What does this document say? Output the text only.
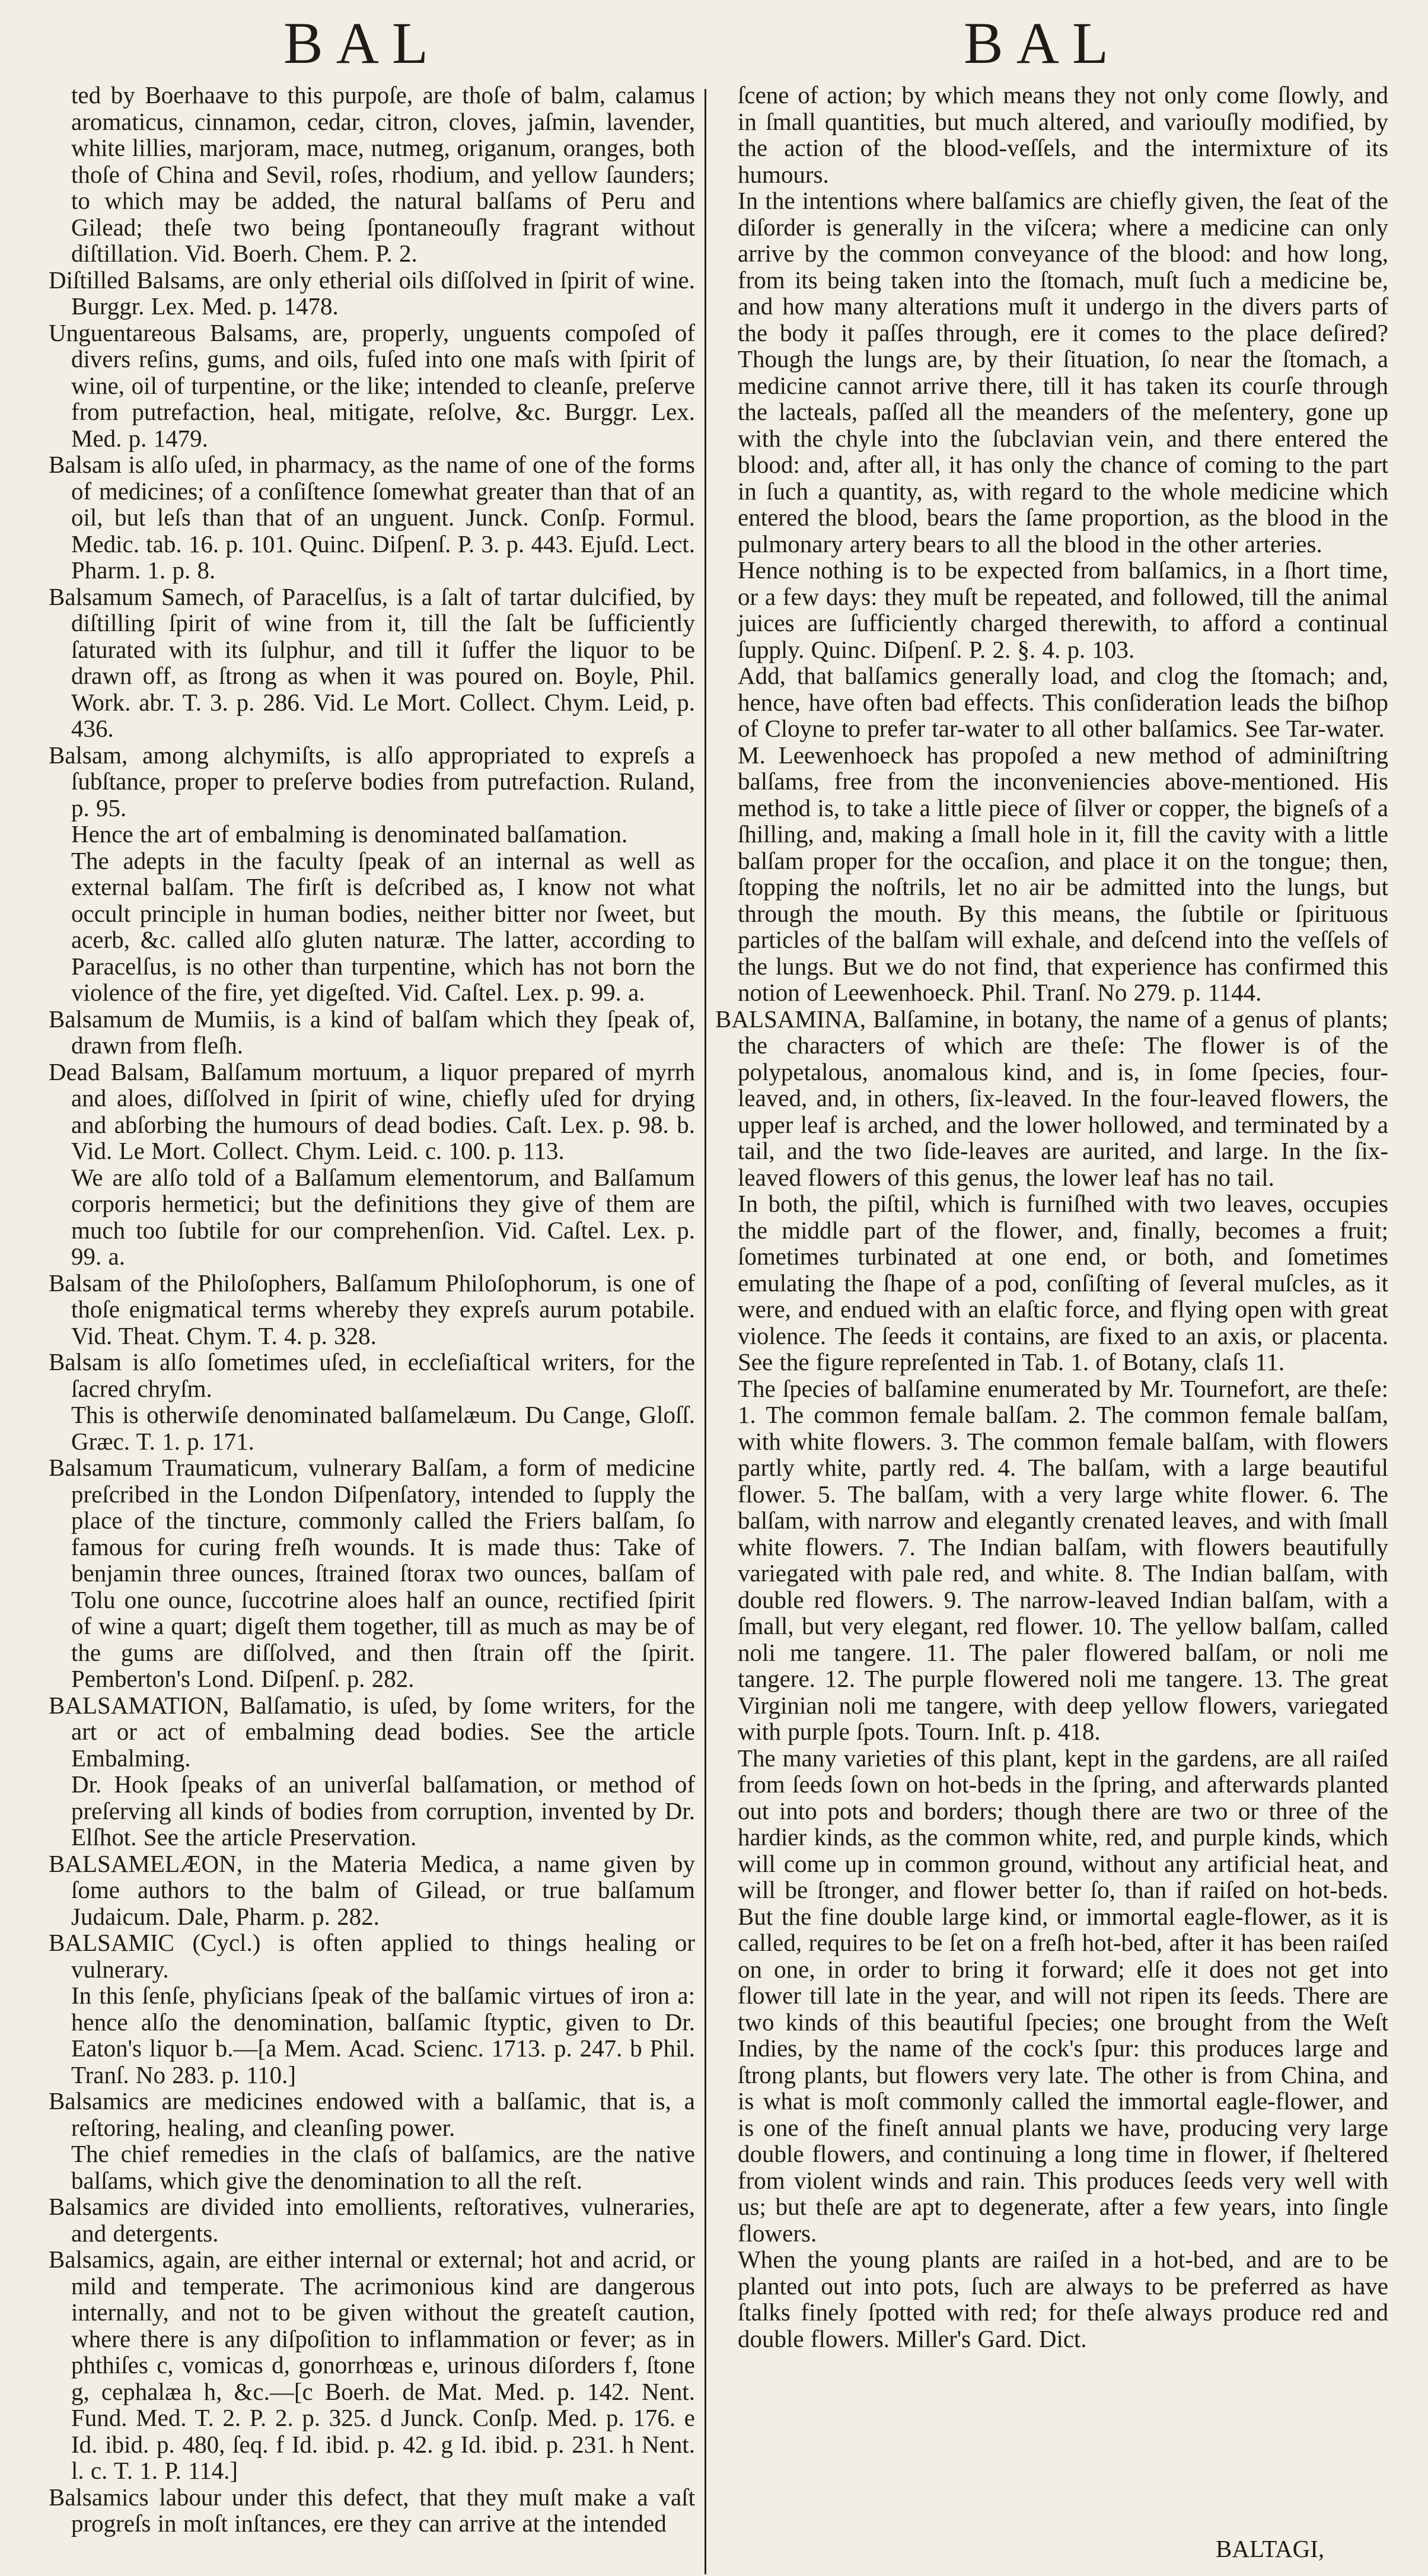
BAL	BAL

ted by Boerhaave to this purpoſe, are thoſe of balm, calamus aromaticus, cinnamon, cedar, citron, cloves, jaſmin, lavender, white lillies, marjoram, mace, nutmeg, origanum, oranges, both thoſe of China and Sevil, roſes, rhodium, and yellow ſaunders; to which may be added, the natural balſams of Peru and Gilead; theſe two being ſpontaneouſly fragrant without diſtillation. Vid. Boerh. Chem. P. 2.

Diſtilled Balsams, are only etherial oils diſſolved in ſpirit of wine. Burggr. Lex. Med. p. 1478.

Unguentareous Balsams, are, properly, unguents compoſed of divers reſins, gums, and oils, fuſed into one maſs with ſpirit of wine, oil of turpentine, or the like; intended to cleanſe, preſerve from putrefaction, heal, mitigate, reſolve, &c. Burggr. Lex. Med. p. 1479.

Balsam is alſo uſed, in pharmacy, as the name of one of the forms of medicines; of a conſiſtence ſomewhat greater than that of an oil, but leſs than that of an unguent. Junck. Conſp. Formul. Medic. tab. 16. p. 101. Quinc. Diſpenſ. P. 3. p. 443. Ejuſd. Lect. Pharm. 1. p. 8.

Balsamum Samech, of Paracelſus, is a ſalt of tartar dulcified, by diſtilling ſpirit of wine from it, till the ſalt be ſufficiently ſaturated with its ſulphur, and till it ſuffer the liquor to be drawn off, as ſtrong as when it was poured on. Boyle, Phil. Work. abr. T. 3. p. 286. Vid. Le Mort. Collect. Chym. Leid, p. 436.

Balsam, among alchymiſts, is alſo appropriated to expreſs a ſubſtance, proper to preſerve bodies from putrefaction. Ruland, p. 95.

Hence the art of embalming is denominated balſamation.

The adepts in the faculty ſpeak of an internal as well as external balſam. The firſt is deſcribed as, I know not what occult principle in human bodies, neither bitter nor ſweet, but acerb, &c. called alſo gluten naturæ. The latter, according to Paracelſus, is no other than turpentine, which has not born the violence of the fire, yet digeſted. Vid. Caſtel. Lex. p. 99. a.

Balsamum de Mumiis, is a kind of balſam which they ſpeak of, drawn from fleſh.

Dead Balsam, Balſamum mortuum, a liquor prepared of myrrh and aloes, diſſolved in ſpirit of wine, chiefly uſed for drying and abſorbing the humours of dead bodies. Caſt. Lex. p. 98. b. Vid. Le Mort. Collect. Chym. Leid. c. 100. p. 113.

We are alſo told of a Balſamum elementorum, and Balſamum corporis hermetici; but the definitions they give of them are much too ſubtile for our comprehenſion. Vid. Caſtel. Lex. p. 99. a.

Balsam of the Philoſophers, Balſamum Philoſophorum, is one of thoſe enigmatical terms whereby they expreſs aurum potabile. Vid. Theat. Chym. T. 4. p. 328.

Balsam is alſo ſometimes uſed, in eccleſiaſtical writers, for the ſacred chryſm.

This is otherwiſe denominated balſamelæum. Du Cange, Gloſſ. Græc. T. 1. p. 171.

Balsamum Traumaticum, vulnerary Balſam, a form of medicine preſcribed in the London Diſpenſatory, intended to ſupply the place of the tincture, commonly called the Friers balſam, ſo famous for curing freſh wounds. It is made thus: Take of benjamin three ounces, ſtrained ſtorax two ounces, balſam of Tolu one ounce, ſuccotrine aloes half an ounce, rectified ſpirit of wine a quart; digeſt them together, till as much as may be of the gums are diſſolved, and then ſtrain off the ſpirit. Pemberton's Lond. Diſpenſ. p. 282.

BALSAMATION, Balſamatio, is uſed, by ſome writers, for the art or act of embalming dead bodies. See the article Embalming.

Dr. Hook ſpeaks of an univerſal balſamation, or method of preſerving all kinds of bodies from corruption, invented by Dr. Elſhot. See the article Preservation.

BALSAMELÆON, in the Materia Medica, a name given by ſome authors to the balm of Gilead, or true balſamum Judaicum. Dale, Pharm. p. 282.

BALSAMIC (Cycl.) is often applied to things healing or vulnerary.

In this ſenſe, phyſicians ſpeak of the balſamic virtues of iron a: hence alſo the denomination, balſamic ſtyptic, given to Dr. Eaton's liquor b.—[a Mem. Acad. Scienc. 1713. p. 247. b Phil. Tranſ. No 283. p. 110.]

Balsamics are medicines endowed with a balſamic, that is, a reſtoring, healing, and cleanſing power.

The chief remedies in the claſs of balſamics, are the native balſams, which give the denomination to all the reſt.

Balsamics are divided into emollients, reſtoratives, vulneraries, and detergents.

Balsamics, again, are either internal or external; hot and acrid, or mild and temperate. The acrimonious kind are dangerous internally, and not to be given without the greateſt caution, where there is any diſpoſition to inflammation or fever; as in phthiſes c, vomicas d, gonorrhœas e, urinous diſorders f, ſtone g, cephalæa h, &c.—[c Boerh. de Mat. Med. p. 142. Nent. Fund. Med. T. 2. P. 2. p. 325. d Junck. Conſp. Med. p. 176. e Id. ibid. p. 480, ſeq. f Id. ibid. p. 42. g Id. ibid. p. 231. h Nent. l. c. T. 1. P. 114.]

Balsamics labour under this defect, that they muſt make a vaſt progreſs in moſt inſtances, ere they can arrive at the intended

ſcene of action; by which means they not only come ſlowly, and in ſmall quantities, but much altered, and variouſly modified, by the action of the blood-veſſels, and the intermixture of its humours.

In the intentions where balſamics are chiefly given, the ſeat of the diſorder is generally in the viſcera; where a medicine can only arrive by the common conveyance of the blood: and how long, from its being taken into the ſtomach, muſt ſuch a medicine be, and how many alterations muſt it undergo in the divers parts of the body it paſſes through, ere it comes to the place deſired? Though the lungs are, by their ſituation, ſo near the ſtomach, a medicine cannot arrive there, till it has taken its courſe through the lacteals, paſſed all the meanders of the meſentery, gone up with the chyle into the ſubclavian vein, and there entered the blood: and, after all, it has only the chance of coming to the part in ſuch a quantity, as, with regard to the whole medicine which entered the blood, bears the ſame proportion, as the blood in the pulmonary artery bears to all the blood in the other arteries.

Hence nothing is to be expected from balſamics, in a ſhort time, or a few days: they muſt be repeated, and followed, till the animal juices are ſufficiently charged therewith, to afford a continual ſupply. Quinc. Diſpenſ. P. 2. §. 4. p. 103.

Add, that balſamics generally load, and clog the ſtomach; and, hence, have often bad effects. This conſideration leads the biſhop of Cloyne to prefer tar-water to all other balſamics. See Tar-water.

M. Leewenhoeck has propoſed a new method of adminiſtring balſams, free from the inconveniencies above-mentioned. His method is, to take a little piece of ſilver or copper, the bigneſs of a ſhilling, and, making a ſmall hole in it, fill the cavity with a little balſam proper for the occaſion, and place it on the tongue; then, ſtopping the noſtrils, let no air be admitted into the lungs, but through the mouth. By this means, the ſubtile or ſpirituous particles of the balſam will exhale, and deſcend into the veſſels of the lungs. But we do not find, that experience has confirmed this notion of Leewenhoeck. Phil. Tranſ. No 279. p. 1144.

BALSAMINA, Balſamine, in botany, the name of a genus of plants; the characters of which are theſe: The flower is of the polypetalous, anomalous kind, and is, in ſome ſpecies, four-leaved, and, in others, ſix-leaved. In the four-leaved flowers, the upper leaf is arched, and the lower hollowed, and terminated by a tail, and the two ſide-leaves are aurited, and large. In the ſix-leaved flowers of this genus, the lower leaf has no tail.

In both, the piſtil, which is furniſhed with two leaves, occupies the middle part of the flower, and, finally, becomes a fruit; ſometimes turbinated at one end, or both, and ſometimes emulating the ſhape of a pod, conſiſting of ſeveral muſcles, as it were, and endued with an elaſtic force, and flying open with great violence. The ſeeds it contains, are fixed to an axis, or placenta. See the figure repreſented in Tab. 1. of Botany, claſs 11.

The ſpecies of balſamine enumerated by Mr. Tournefort, are theſe: 1. The common female balſam. 2. The common female balſam, with white flowers. 3. The common female balſam, with flowers partly white, partly red. 4. The balſam, with a large beautiful flower. 5. The balſam, with a very large white flower. 6. The balſam, with narrow and elegantly crenated leaves, and with ſmall white flowers. 7. The Indian balſam, with flowers beautifully variegated with pale red, and white. 8. The Indian balſam, with double red flowers. 9. The narrow-leaved Indian balſam, with a ſmall, but very elegant, red flower. 10. The yellow balſam, called noli me tangere. 11. The paler flowered balſam, or noli me tangere. 12. The purple flowered noli me tangere. 13. The great Virginian noli me tangere, with deep yellow flowers, variegated with purple ſpots. Tourn. Inſt. p. 418.

The many varieties of this plant, kept in the gardens, are all raiſed from ſeeds ſown on hot-beds in the ſpring, and afterwards planted out into pots and borders; though there are two or three of the hardier kinds, as the common white, red, and purple kinds, which will come up in common ground, without any artificial heat, and will be ſtronger, and flower better ſo, than if raiſed on hot-beds. But the fine double large kind, or immortal eagle-flower, as it is called, requires to be ſet on a freſh hot-bed, after it has been raiſed on one, in order to bring it forward; elſe it does not get into flower till late in the year, and will not ripen its ſeeds. There are two kinds of this beautiful ſpecies; one brought from the Weſt Indies, by the name of the cock's ſpur: this produces large and ſtrong plants, but flowers very late. The other is from China, and is what is moſt commonly called the immortal eagle-flower, and is one of the fineſt annual plants we have, producing very large double flowers, and continuing a long time in flower, if ſheltered from violent winds and rain. This produces ſeeds very well with us; but theſe are apt to degenerate, after a few years, into ſingle flowers.

When the young plants are raiſed in a hot-bed, and are to be planted out into pots, ſuch are always to be preferred as have ſtalks finely ſpotted with red; for theſe always produce red and double flowers. Miller's Gard. Dict.

BALTAGI,
